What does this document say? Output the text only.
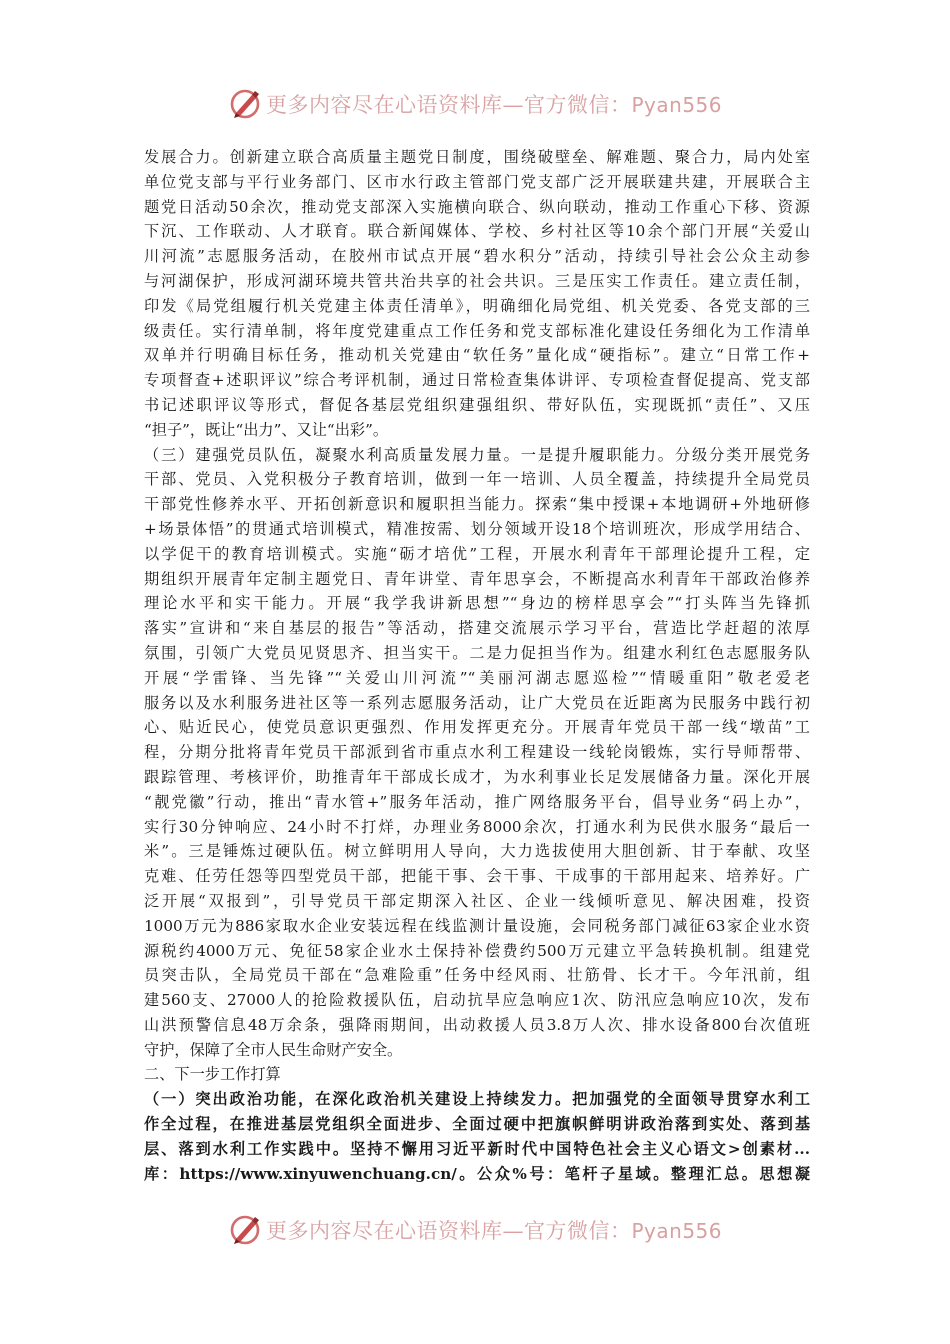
更多内容尽在心语资料库—官方微信：Pyan556
发展合力。创新建立联合高质量主题党日制度，围绕破壁垒、解难题、聚合力，局内处室
单位党支部与平行业务部门、区市水行政主管部门党支部广泛开展联建共建，开展联合主
题党日活动50余次，推动党支部深入实施横向联合、纵向联动，推动工作重心下移、资源
下沉、工作联动、人才联育。联合新闻媒体、学校、乡村社区等10余个部门开展“关爱山
川河流”志愿服务活动，在胶州市试点开展“碧水积分”活动，持续引导社会公众主动参
与河湖保护，形成河湖环境共管共治共享的社会共识。三是压实工作责任。建立责任制，
印发《局党组履行机关党建主体责任清单》，明确细化局党组、机关党委、各党支部的三
级责任。实行清单制，将年度党建重点工作任务和党支部标准化建设任务细化为工作清单
双单并行明确目标任务，推动机关党建由“软任务”量化成“硬指标”。建立“日常工作+
专项督查+述职评议”综合考评机制，通过日常检查集体讲评、专项检查督促提高、党支部
书记述职评议等形式，督促各基层党组织建强组织、带好队伍，实现既抓“责任”、又压
“担子”，既让“出力”、又让“出彩”。
（三）建强党员队伍，凝聚水利高质量发展力量。一是提升履职能力。分级分类开展党务
干部、党员、入党积极分子教育培训，做到一年一培训、人员全覆盖，持续提升全局党员
干部党性修养水平、开拓创新意识和履职担当能力。探索“集中授课+本地调研+外地研修
+场景体悟”的贯通式培训模式，精准按需、划分领域开设18个培训班次，形成学用结合、
以学促干的教育培训模式。实施“砺才培优”工程，开展水利青年干部理论提升工程，定
期组织开展青年定制主题党日、青年讲堂、青年思享会，不断提高水利青年干部政治修养
理论水平和实干能力。开展“我学我讲新思想”“身边的榜样思享会”“打头阵当先锋抓
落实”宣讲和“来自基层的报告”等活动，搭建交流展示学习平台，营造比学赶超的浓厚
氛围，引领广大党员见贤思齐、担当实干。二是力促担当作为。组建水利红色志愿服务队
开展“学雷锋、当先锋”“关爱山川河流”“美丽河湖志愿巡检”“情暖重阳”敬老爱老
服务以及水利服务进社区等一系列志愿服务活动，让广大党员在近距离为民服务中践行初
心、贴近民心，使党员意识更强烈、作用发挥更充分。开展青年党员干部一线“墩苗”工
程，分期分批将青年党员干部派到省市重点水利工程建设一线轮岗锻炼，实行导师帮带、
跟踪管理、考核评价，助推青年干部成长成才，为水利事业长足发展储备力量。深化开展
“靓党徽”行动，推出“青水管+”服务年活动，推广网络服务平台，倡导业务“码上办”，
实行30分钟响应、24小时不打烊，办理业务8000余次，打通水利为民供水服务“最后一
米”。三是锤炼过硬队伍。树立鲜明用人导向，大力选拔使用大胆创新、甘于奉献、攻坚
克难、任劳任怨等四型党员干部，把能干事、会干事、干成事的干部用起来、培养好。广
泛开展“双报到”，引导党员干部定期深入社区、企业一线倾听意见、解决困难，投资
1000万元为886家取水企业安装远程在线监测计量设施，会同税务部门减征63家企业水资
源税约4000万元、免征58家企业水土保持补偿费约500万元建立平急转换机制。组建党
员突击队，全局党员干部在“急难险重”任务中经风雨、壮筋骨、长才干。今年汛前，组
建560支、27000人的抢险救援队伍，启动抗旱应急响应1次、防汛应急响应10次，发布
山洪预警信息48万余条，强降雨期间，出动救援人员3.8万人次、排水设备800台次值班
守护，保障了全市人民生命财产安全。
二、下一步工作打算
（一）突出政治功能，在深化政治机关建设上持续发力。把加强党的全面领导贯穿水利工
作全过程，在推进基层党组织全面进步、全面过硬中把旗帜鲜明讲政治落到实处、落到基
层、落到水利工作实践中。坚持不懈用习近平新时代中国特色社会主义心语文>创素材...
库：https://www.xinyuwenchuang.cn/。公众%号：笔杆子星域。整理汇总。思想凝
更多内容尽在心语资料库—官方微信：Pyan556
